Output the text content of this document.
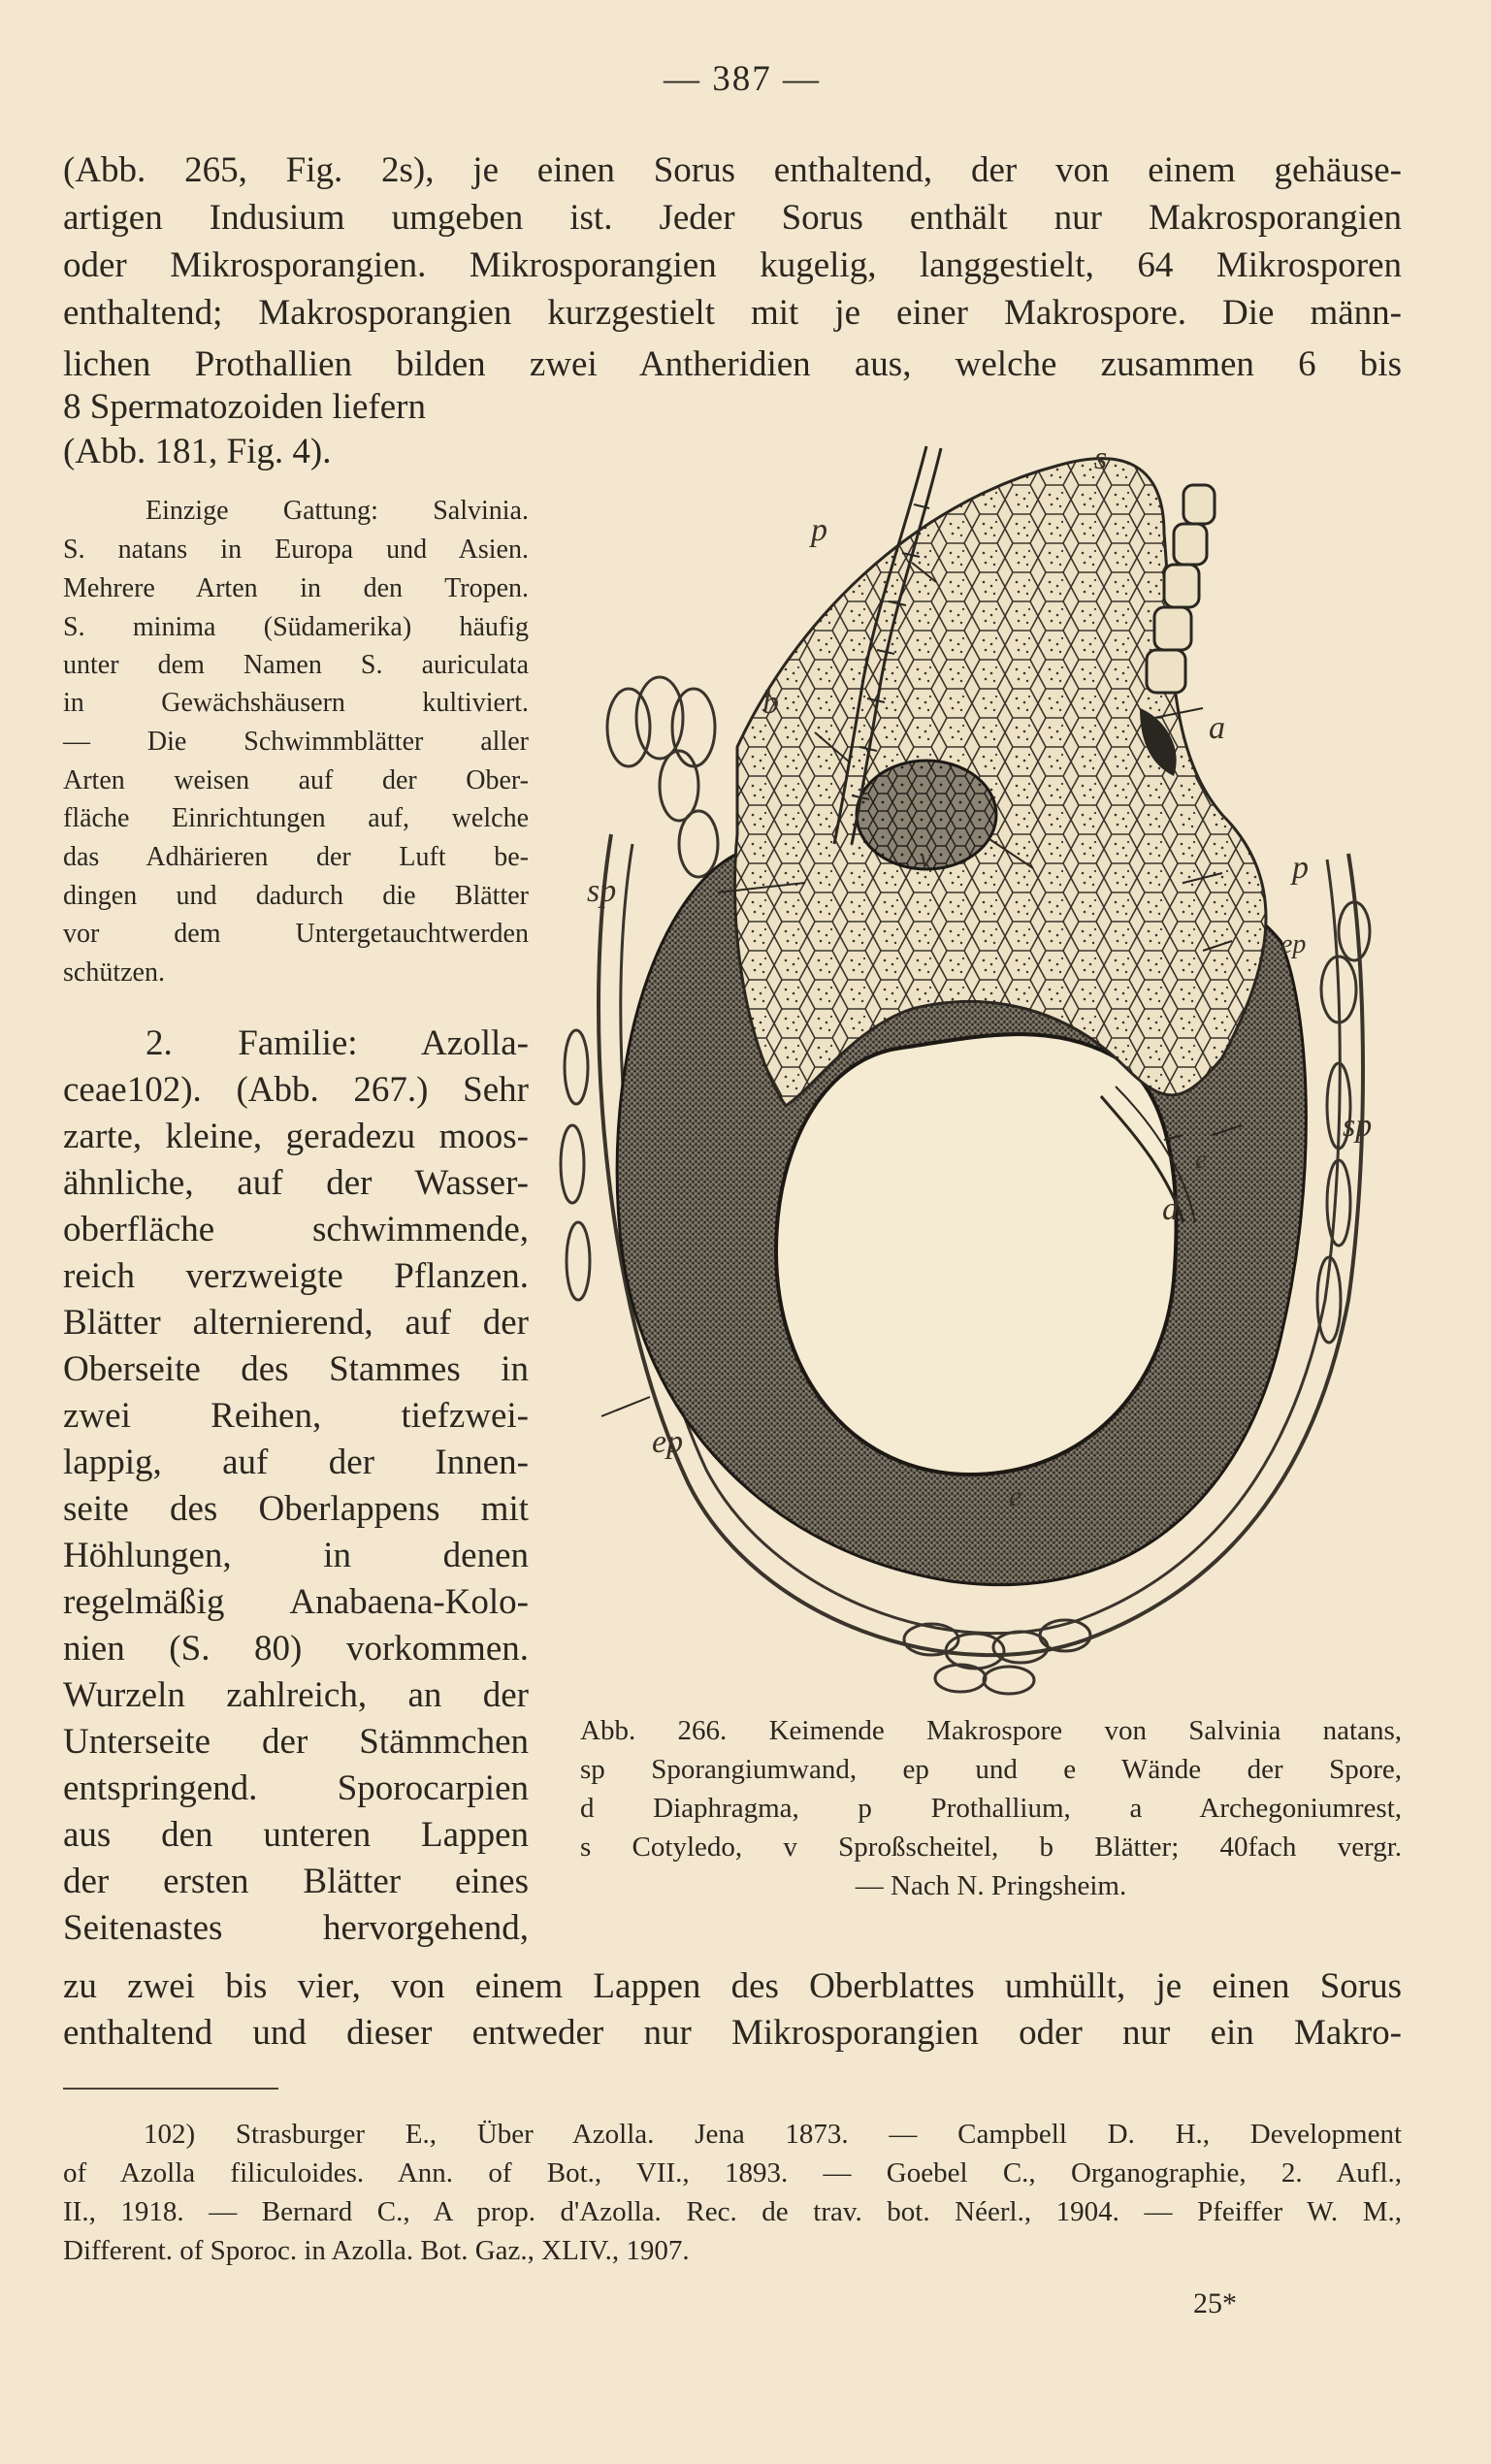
— 387 —
(Abb. 265, Fig. 2s), je einen Sorus enthaltend, der von einem gehäuse-
artigen Indusium umgeben ist. Jeder Sorus enthält nur Makrosporangien
oder Mikrosporangien. Mikrosporangien kugelig, langgestielt, 64 Mikrosporen
enthaltend; Makrosporangien kurzgestielt mit je einer Makrospore. Die männ-
lichen Prothallien bilden zwei Antheridien aus, welche zusammen 6 bis
8 Spermatozoiden liefern
(Abb. 181, Fig. 4).
Einzige Gattung: Salvinia.
S. natans in Europa und Asien.
Mehrere Arten in den Tropen.
S. minima (Südamerika) häufig
unter dem Namen S. auriculata
in Gewächshäusern kultiviert.
— Die Schwimmblätter aller
Arten weisen auf der Ober-
fläche Einrichtungen auf, welche
das Adhärieren der Luft be-
dingen und dadurch die Blätter
vor dem Untergetauchtwerden
schützen.
2. Familie: Azolla-
ceae102). (Abb. 267.) Sehr
zarte, kleine, geradezu moos-
ähnliche, auf der Wasser-
oberfläche schwimmende,
reich verzweigte Pflanzen.
Blätter alternierend, auf der
Oberseite des Stammes in
zwei Reihen, tiefzwei-
lappig, auf der Innen-
seite des Oberlappens mit
Höhlungen, in denen
regelmäßig Anabaena-Kolo-
nien (S. 80) vorkommen.
Wurzeln zahlreich, an der
Unterseite der Stämmchen
entspringend. Sporocarpien
aus den unteren Lappen
der ersten Blätter eines
Seitenastes hervorgehend,
zu zwei bis vier, von einem Lappen des Oberblattes umhüllt, je einen Sorus
enthaltend und dieser entweder nur Mikrosporangien oder nur ein Makro-
s
p
b
a
v
sp
p
ep
sp
e
d
ep
e
Abb. 266. Keimende Makrospore von Salvinia natans,
sp Sporangiumwand, ep und e Wände der Spore,
d Diaphragma, p Prothallium, a Archegoniumrest,
s Cotyledo, v Sproßscheitel, b Blätter; 40fach vergr.
— Nach N. Pringsheim.
102) Strasburger E., Über Azolla. Jena 1873. — Campbell D. H., Development
of Azolla filiculoides. Ann. of Bot., VII., 1893. — Goebel C., Organographie, 2. Aufl.,
II., 1918. — Bernard C., A prop. d'Azolla. Rec. de trav. bot. Néerl., 1904. — Pfeiffer W. M.,
Different. of Sporoc. in Azolla. Bot. Gaz., XLIV., 1907.
25*
